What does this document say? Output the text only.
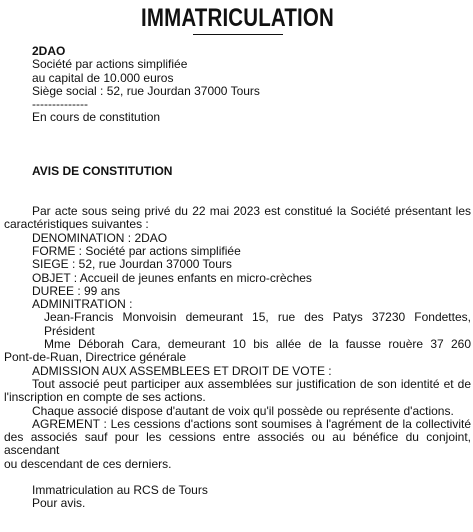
IMMATRICULATION
2DAO
Société par actions simplifiée
au capital de 10.000 euros
Siège social : 52, rue Jourdan 37000 Tours
--------------
En cours de constitution
AVIS DE CONSTITUTION
Par acte sous seing privé du 22 mai 2023 est constitué la Société présentant les
caractéristiques suivantes :
DENOMINATION : 2DAO
FORME : Société par actions simplifiée
SIEGE : 52, rue Jourdan 37000 Tours
OBJET : Accueil de jeunes enfants en micro-crèches
DUREE : 99 ans
ADMINITRATION :
Jean-Francis Monvoisin demeurant 15, rue des Patys 37230 Fondettes, Président
Mme Déborah Cara, demeurant 10 bis allée de la fausse rouère 37 260
Pont-de-Ruan, Directrice générale
ADMISSION AUX ASSEMBLEES ET DROIT DE VOTE :
Tout associé peut participer aux assemblées sur justification de son identité et de
l'inscription en compte de ses actions.
Chaque associé dispose d'autant de voix qu'il possède ou représente d'actions.
AGREMENT : Les cessions d'actions sont soumises à l'agrément de la collectivité
des associés sauf pour les cessions entre associés ou au bénéfice du conjoint, ascendant
ou descendant de ces derniers.
Immatriculation au RCS de Tours
Pour avis.
